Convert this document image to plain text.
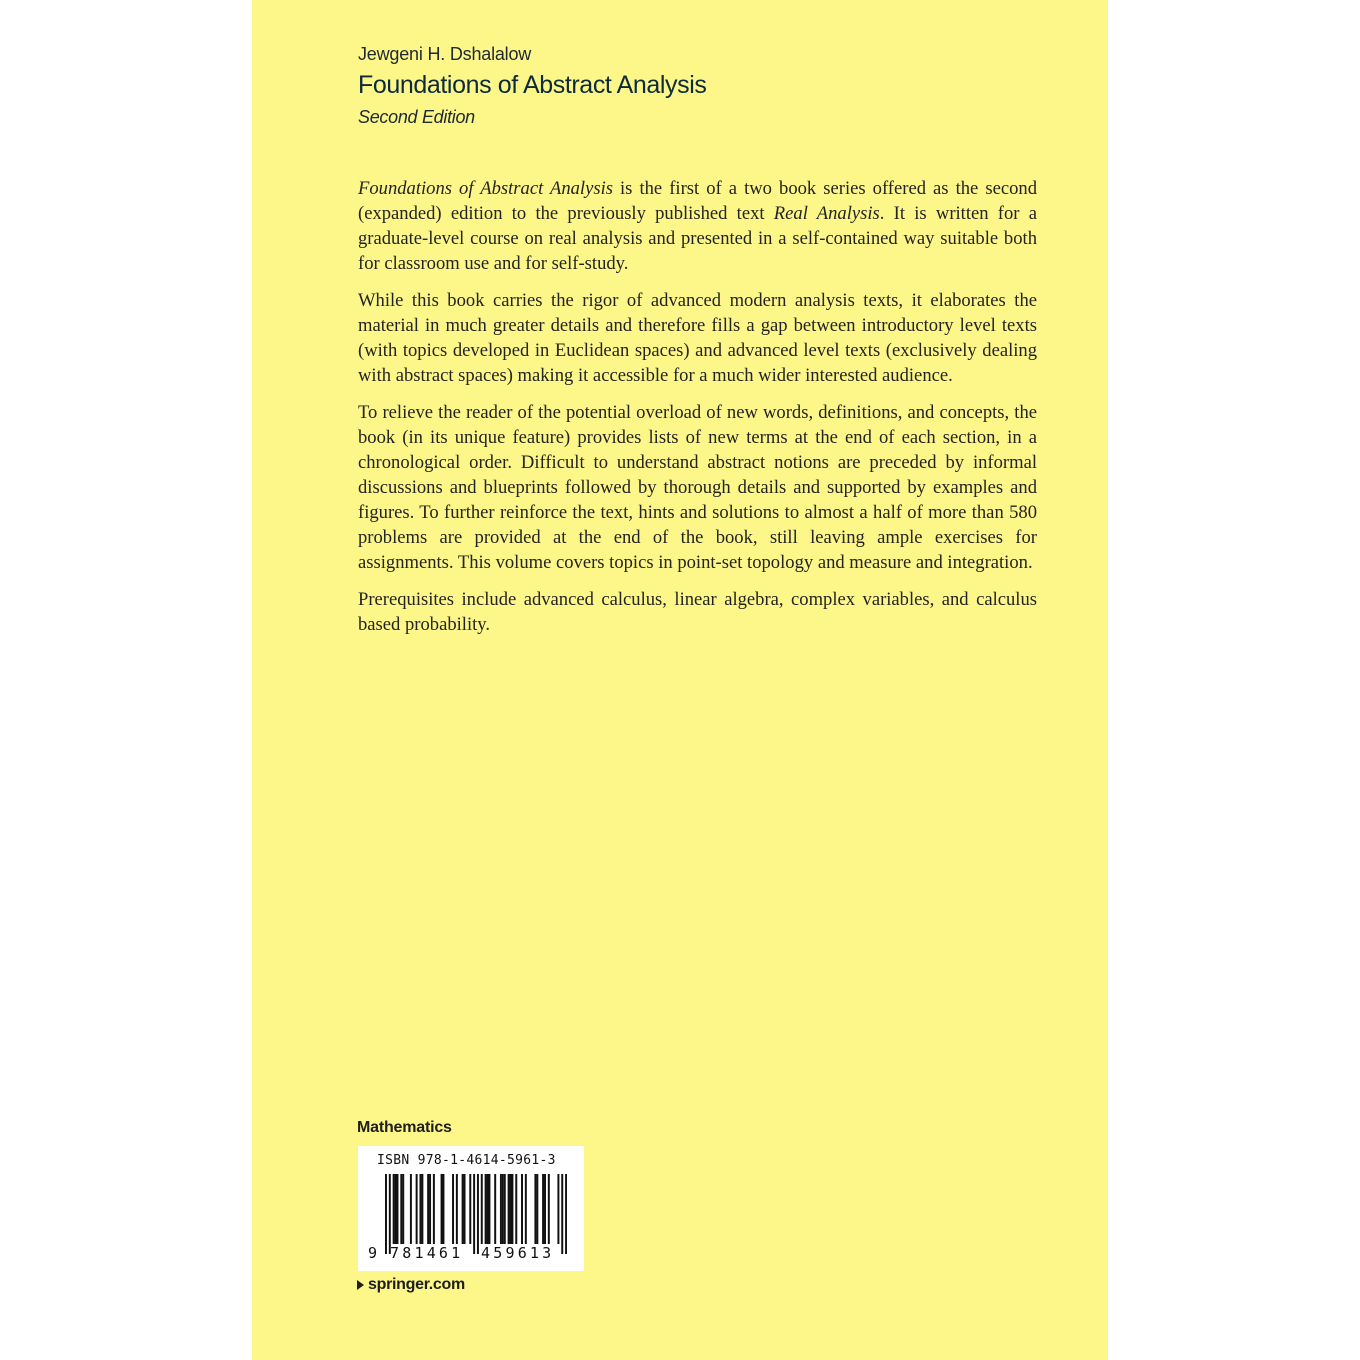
Jewgeni H. Dshalalow
Foundations of Abstract Analysis
Second Edition

Foundations of Abstract Analysis is the first of a two book series offered as the second (expanded) edition to the previously published text Real Analysis. It is written for a graduate-level course on real analysis and presented in a self-contained way suitable both for classroom use and for self-study.

While this book carries the rigor of advanced modern analysis texts, it elaborates the material in much greater details and therefore fills a gap between introductory level texts (with topics developed in Euclidean spaces) and advanced level texts (exclusively dealing with abstract spaces) making it accessible for a much wider interested audience.

To relieve the reader of the potential overload of new words, definitions, and concepts, the book (in its unique feature) provides lists of new terms at the end of each section, in a chronological order. Difficult to understand abstract notions are preceded by informal discussions and blueprints followed by thorough details and supported by examples and figures. To further reinforce the text, hints and solutions to almost a half of more than 580 problems are provided at the end of the book, still leaving ample exercises for assignments. This volume covers topics in point-set topology and measure and integration.

Prerequisites include advanced calculus, linear algebra, complex variables, and calculus based probability.

Mathematics
ISBN 978-1-4614-5961-3
9 781461 459613
springer.com
